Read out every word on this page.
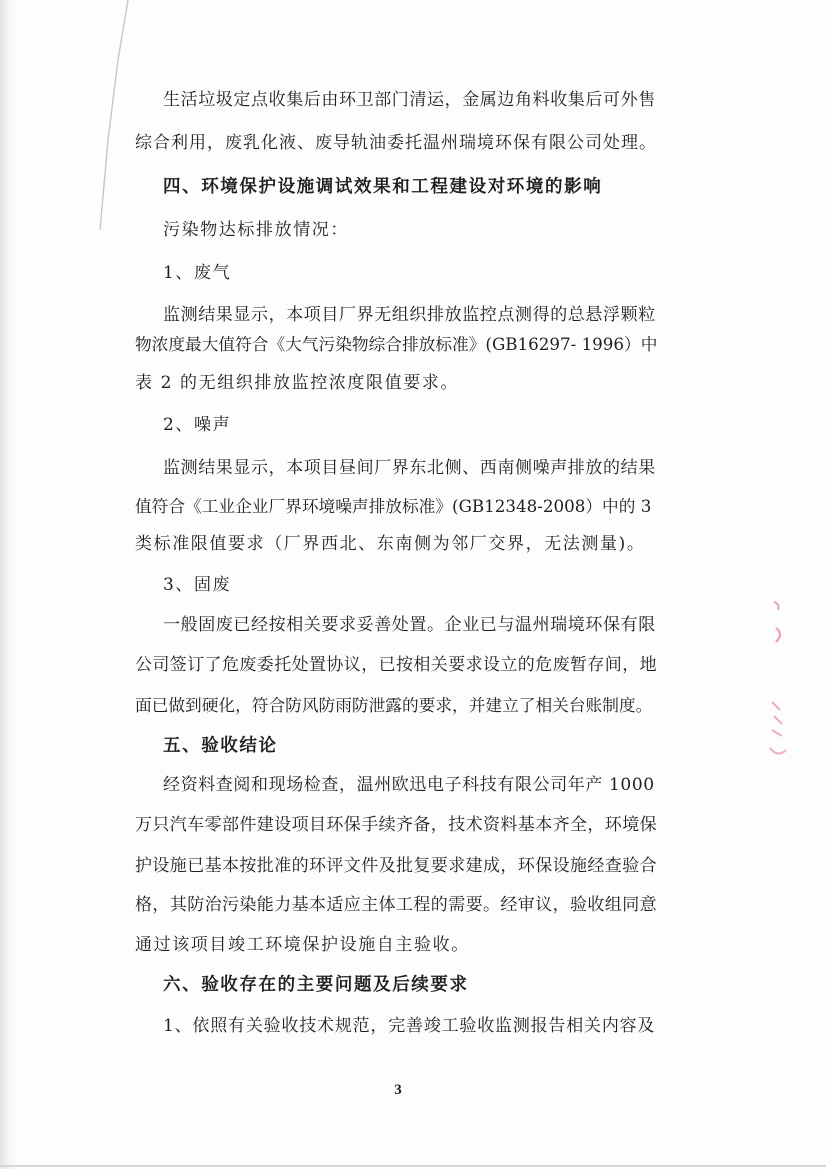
生活垃圾定点收集后由环卫部门清运，金属边角料收集后可外售
综合利用，废乳化液、废导轨油委托温州瑞境环保有限公司处理。
四、环境保护设施调试效果和工程建设对环境的影响
污染物达标排放情况：
1、废气
监测结果显示，本项目厂界无组织排放监控点测得的总悬浮颗粒
物浓度最大值符合《大气污染物综合排放标准》(GB16297- 1996）中
表 2 的无组织排放监控浓度限值要求。
2、噪声
监测结果显示，本项目昼间厂界东北侧、西南侧噪声排放的结果
值符合《工业企业厂界环境噪声排放标准》(GB12348-2008）中的 3
类标准限值要求（厂界西北、东南侧为邻厂交界，无法测量)。
3、固废
一般固废已经按相关要求妥善处置。企业已与温州瑞境环保有限
公司签订了危废委托处置协议，已按相关要求设立的危废暂存间，地
面已做到硬化，符合防风防雨防泄露的要求，并建立了相关台账制度。
五、验收结论
经资料查阅和现场检查，温州欧迅电子科技有限公司年产 1000
万只汽车零部件建设项目环保手续齐备，技术资料基本齐全，环境保
护设施已基本按批准的环评文件及批复要求建成，环保设施经查验合
格，其防治污染能力基本适应主体工程的需要。经审议，验收组同意
通过该项目竣工环境保护设施自主验收。
六、验收存在的主要问题及后续要求
1、依照有关验收技术规范，完善竣工验收监测报告相关内容及
3
